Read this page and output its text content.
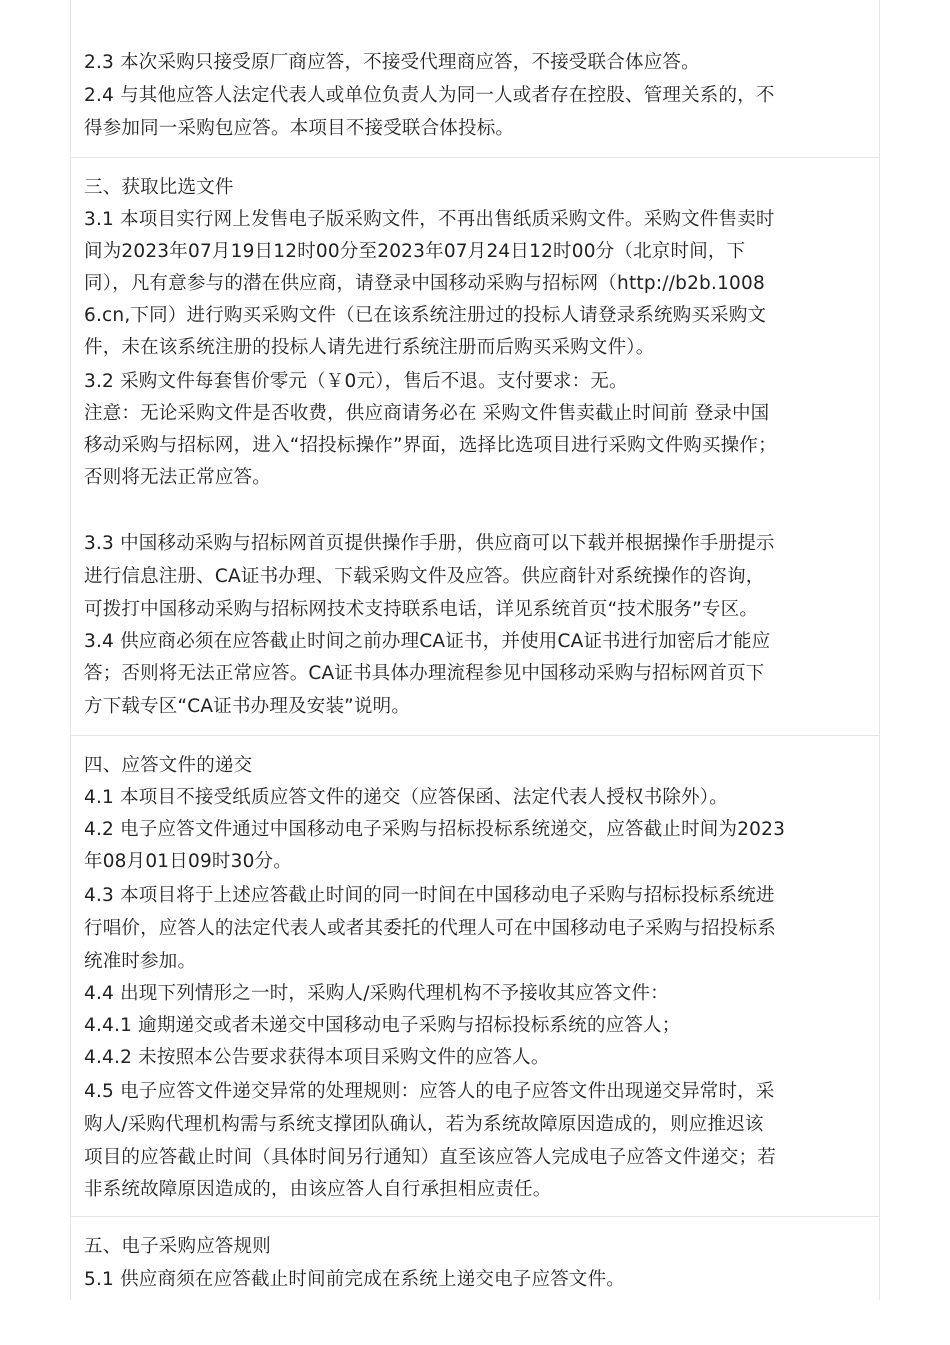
2.3 本次采购只接受原厂商应答，不接受代理商应答，不接受联合体应答。
2.4 与其他应答人法定代表人或单位负责人为同一人或者存在控股、管理关系的，不
得参加同一采购包应答。本项目不接受联合体投标。
三、获取比选文件
3.1 本项目实行网上发售电子版采购文件，不再出售纸质采购文件。采购文件售卖时
间为2023年07月19日12时00分至2023年07月24日12时00分（北京时间，下
同），凡有意参与的潜在供应商，请登录中国移动采购与招标网（http://b2b.1008
6.cn,下同）进行购买采购文件（已在该系统注册过的投标人请登录系统购买采购文
件，未在该系统注册的投标人请先进行系统注册而后购买采购文件）。
3.2 采购文件每套售价零元（￥0元），售后不退。支付要求：无。
注意：无论采购文件是否收费，供应商请务必在 采购文件售卖截止时间前 登录中国
移动采购与招标网，进入“招投标操作”界面，选择比选项目进行采购文件购买操作；
否则将无法正常应答。
3.3 中国移动采购与招标网首页提供操作手册，供应商可以下载并根据操作手册提示
进行信息注册、CA证书办理、下载采购文件及应答。供应商针对系统操作的咨询，
可拨打中国移动采购与招标网技术支持联系电话，详见系统首页“技术服务”专区。
3.4 供应商必须在应答截止时间之前办理CA证书，并使用CA证书进行加密后才能应
答；否则将无法正常应答。CA证书具体办理流程参见中国移动采购与招标网首页下
方下载专区“CA证书办理及安装”说明。
四、应答文件的递交
4.1 本项目不接受纸质应答文件的递交（应答保函、法定代表人授权书除外）。
4.2 电子应答文件通过中国移动电子采购与招标投标系统递交，应答截止时间为2023
年08月01日09时30分。
4.3 本项目将于上述应答截止时间的同一时间在中国移动电子采购与招标投标系统进
行唱价，应答人的法定代表人或者其委托的代理人可在中国移动电子采购与招投标系
统准时参加。
4.4 出现下列情形之一时，采购人/采购代理机构不予接收其应答文件：
4.4.1 逾期递交或者未递交中国移动电子采购与招标投标系统的应答人；
4.4.2 未按照本公告要求获得本项目采购文件的应答人。
4.5 电子应答文件递交异常的处理规则：应答人的电子应答文件出现递交异常时，采
购人/采购代理机构需与系统支撑团队确认，若为系统故障原因造成的，则应推迟该
项目的应答截止时间（具体时间另行通知）直至该应答人完成电子应答文件递交；若
非系统故障原因造成的，由该应答人自行承担相应责任。
五、电子采购应答规则
5.1 供应商须在应答截止时间前完成在系统上递交电子应答文件。
